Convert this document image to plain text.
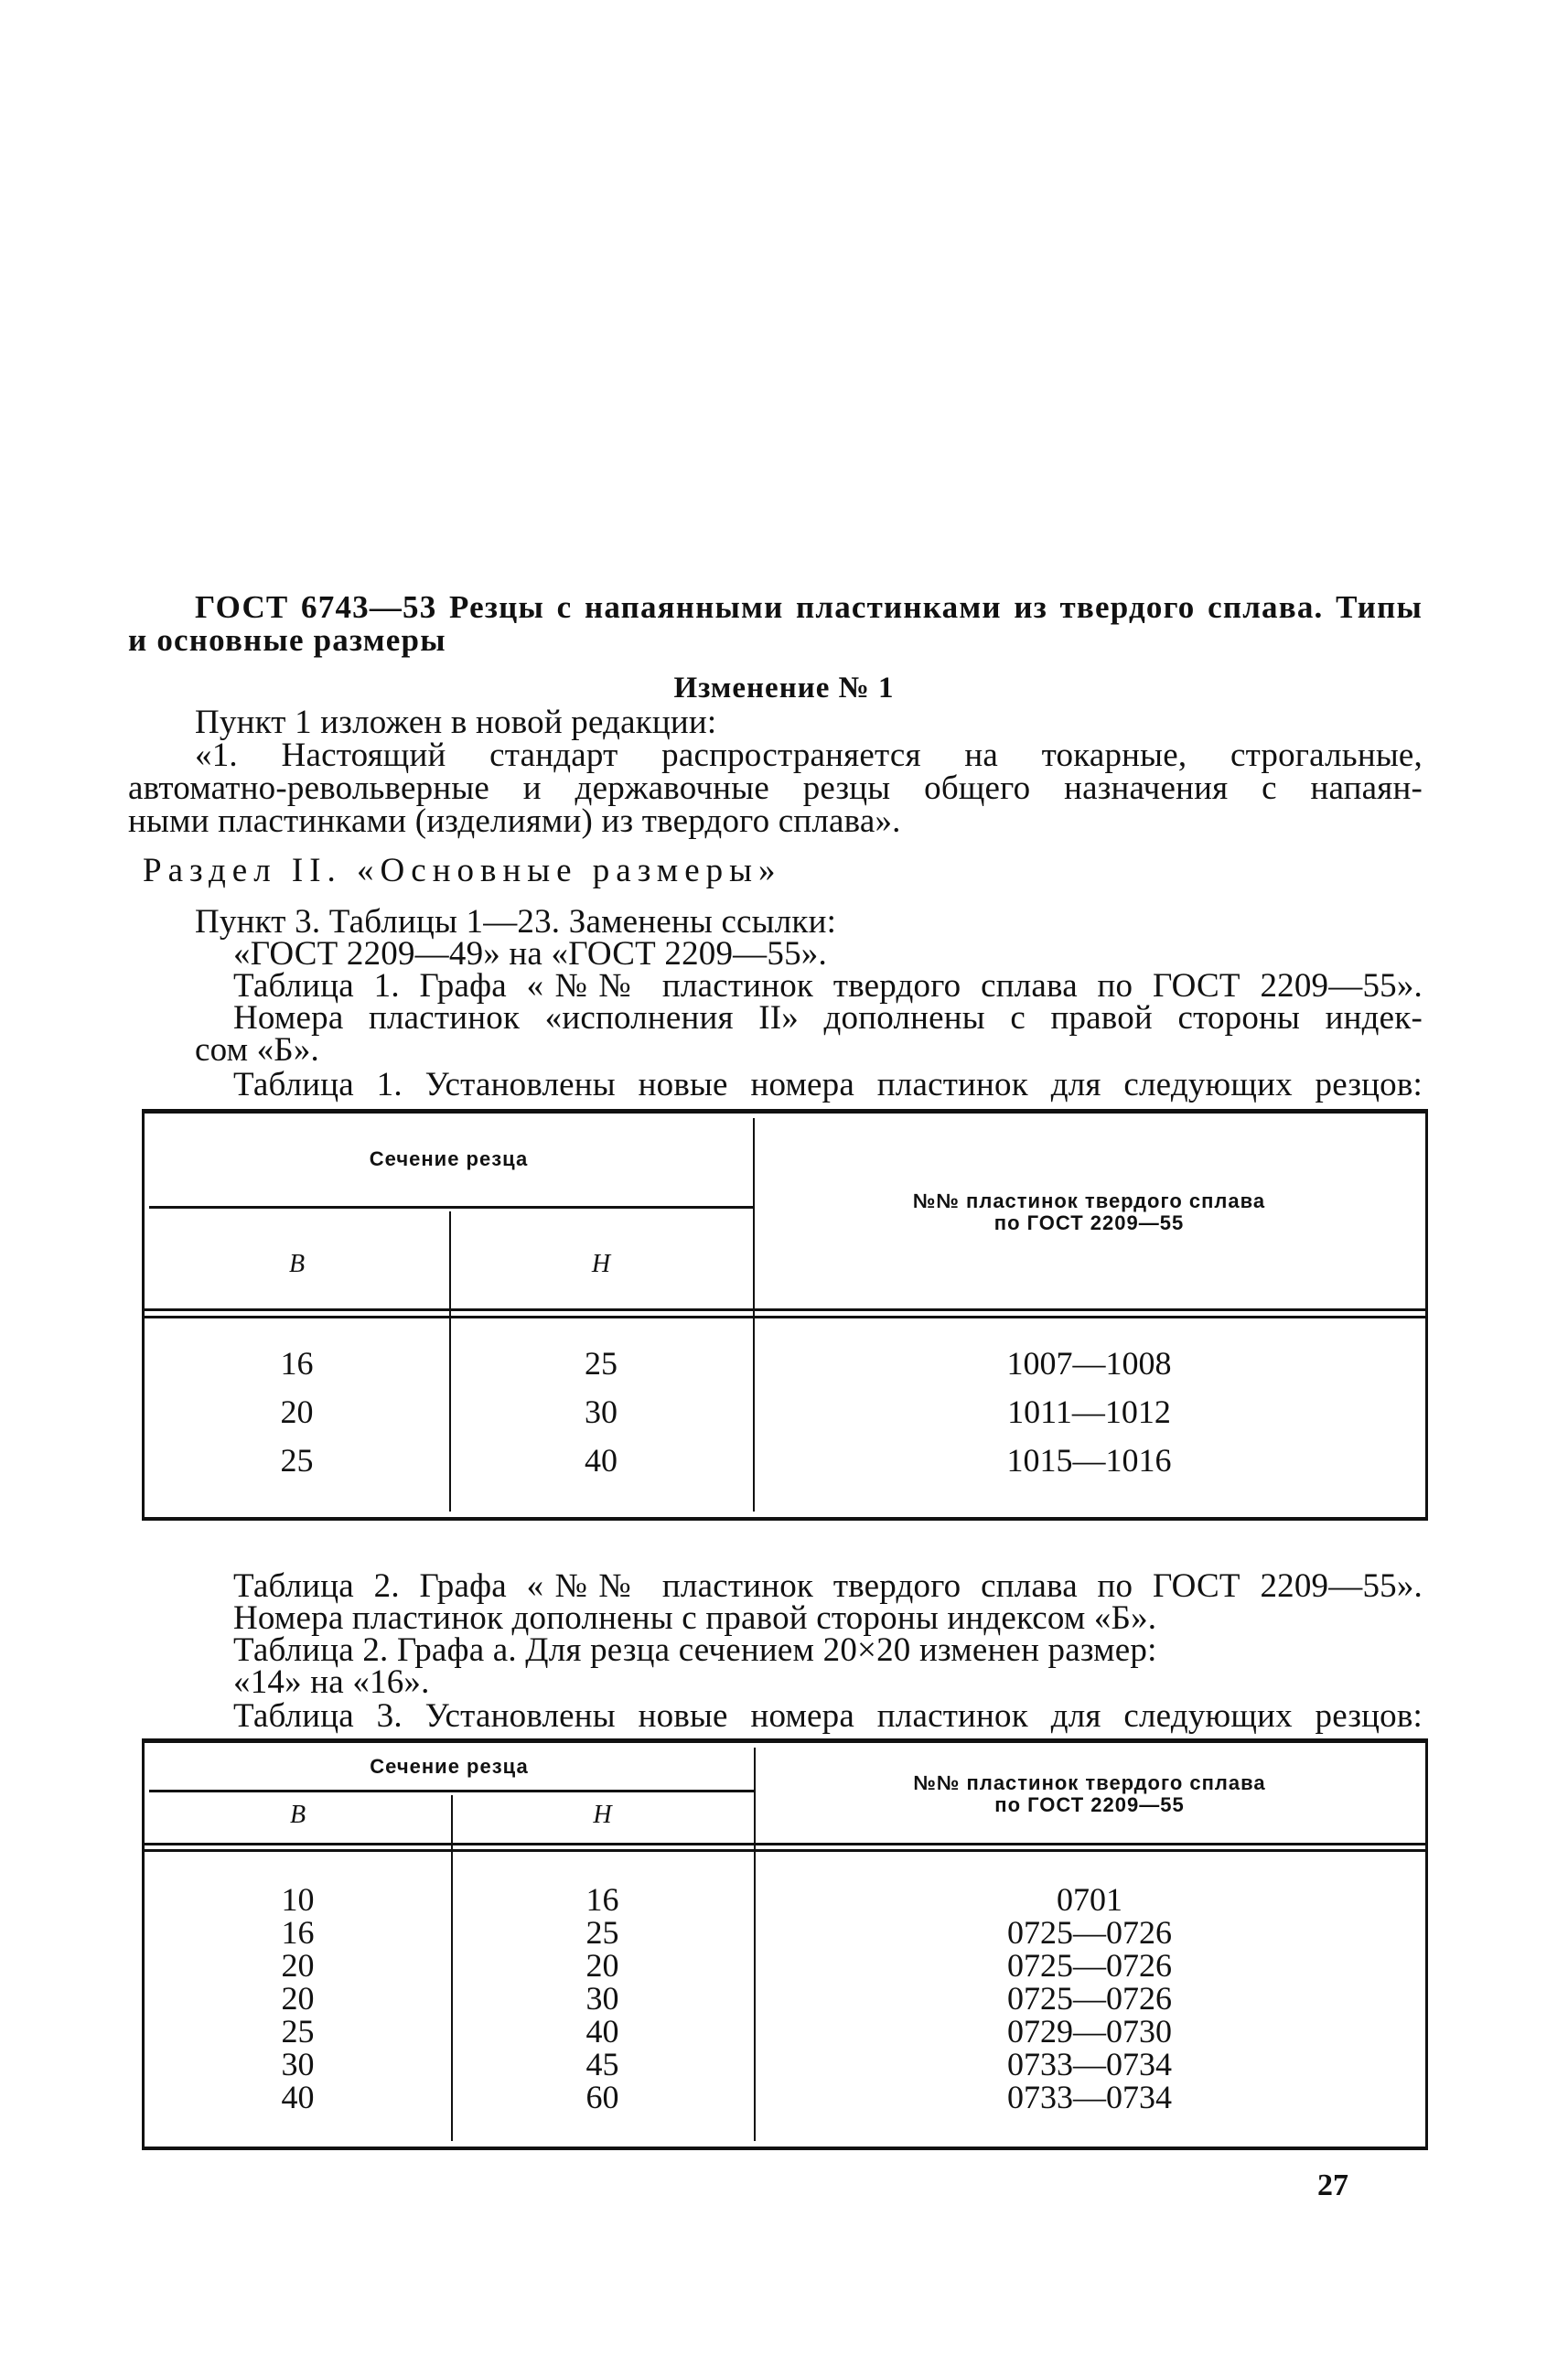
ГОСТ 6743—53 Резцы с напаянными пластинками из твердого сплава. Типы
и основные размеры
Изменение № 1
Пункт 1 изложен в новой редакции:
«1. Настоящий стандарт распространяется на токарные, строгальные,
автоматно-револьверные и державочные резцы общего назначения с напаян-
ными пластинками (изделиями) из твердого сплава».
Раздел II. «Основные размеры»
Пункт 3. Таблицы 1—23. Заменены ссылки:
«ГОСТ 2209—49» на «ГОСТ 2209—55».
Таблица 1. Графа «№№ пластинок твердого сплава по ГОСТ 2209—55».
Номера пластинок «исполнения II» дополнены с правой стороны индек-
сом «Б».
Таблица 1. Установлены новые номера пластинок для следующих резцов:
Сечение резца
B	H
№№ пластинок твердого сплава
по ГОСТ 2209—55
16	25	1007—1008
20	30	1011—1012
25	40	1015—1016
Таблица 2. Графа «№№ пластинок твердого сплава по ГОСТ 2209—55».
Номера пластинок дополнены с правой стороны индексом «Б».
Таблица 2. Графа а. Для резца сечением 20×20 изменен размер:
«14» на «16».
Таблица 3. Установлены новые номера пластинок для следующих резцов:
Сечение резца
B	H
№№ пластинок твердого сплава
по ГОСТ 2209—55
10	16	0701
16	25	0725—0726
20	20	0725—0726
20	30	0725—0726
25	40	0729—0730
30	45	0733—0734
40	60	0733—0734
27
